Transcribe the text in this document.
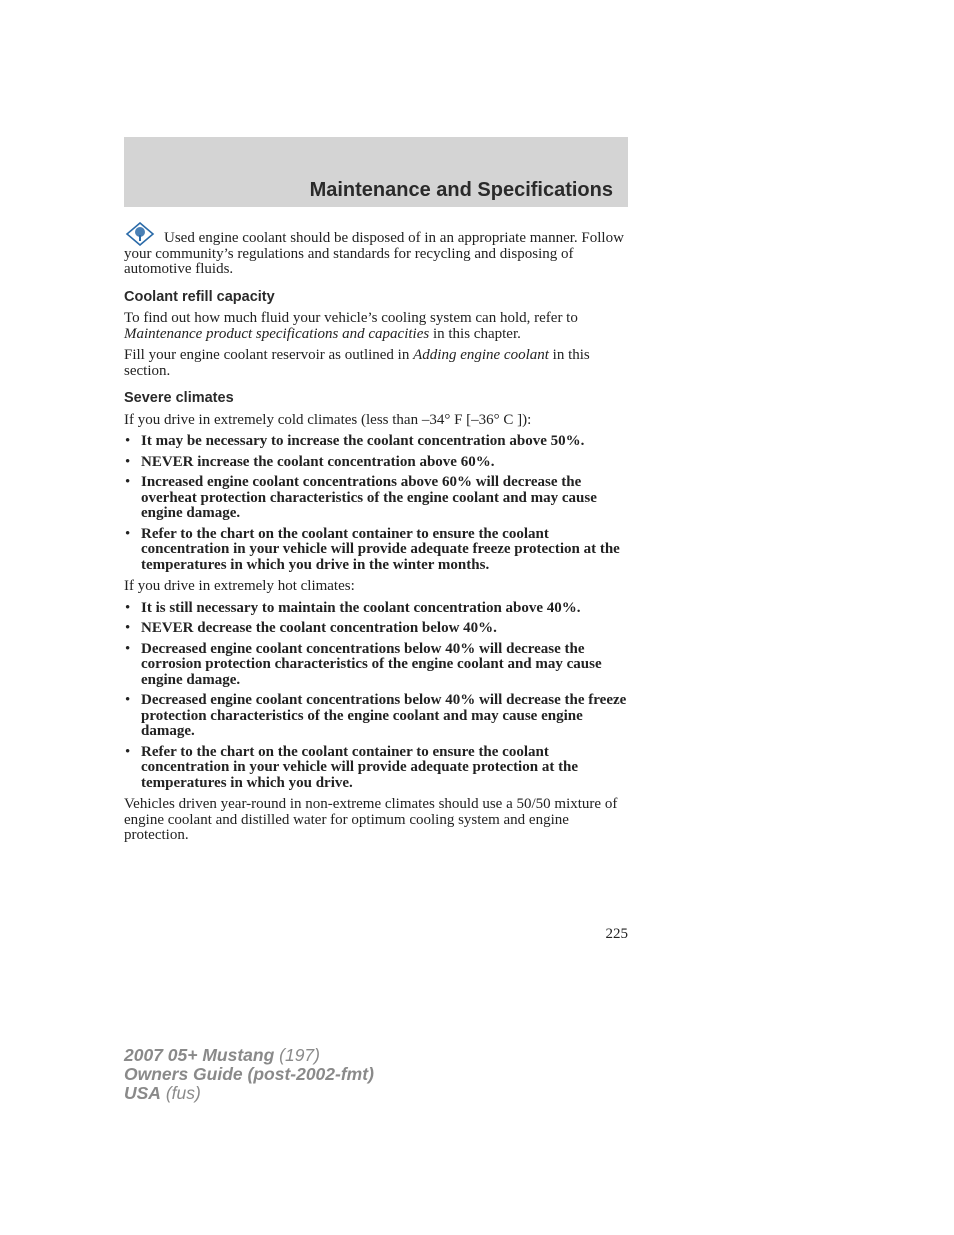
Maintenance and Specifications

Used engine coolant should be disposed of in an appropriate manner. Follow your community’s regulations and standards for recycling and disposing of automotive fluids.

Coolant refill capacity

To find out how much fluid your vehicle’s cooling system can hold, refer to Maintenance product specifications and capacities in this chapter.

Fill your engine coolant reservoir as outlined in Adding engine coolant in this section.

Severe climates

If you drive in extremely cold climates (less than –34° F [–36° C ]):

• It may be necessary to increase the coolant concentration above 50%.
• NEVER increase the coolant concentration above 60%.
• Increased engine coolant concentrations above 60% will decrease the overheat protection characteristics of the engine coolant and may cause engine damage.
• Refer to the chart on the coolant container to ensure the coolant concentration in your vehicle will provide adequate freeze protection at the temperatures in which you drive in the winter months.

If you drive in extremely hot climates:

• It is still necessary to maintain the coolant concentration above 40%.
• NEVER decrease the coolant concentration below 40%.
• Decreased engine coolant concentrations below 40% will decrease the corrosion protection characteristics of the engine coolant and may cause engine damage.
• Decreased engine coolant concentrations below 40% will decrease the freeze protection characteristics of the engine coolant and may cause engine damage.
• Refer to the chart on the coolant container to ensure the coolant concentration in your vehicle will provide adequate protection at the temperatures in which you drive.

Vehicles driven year-round in non-extreme climates should use a 50/50 mixture of engine coolant and distilled water for optimum cooling system and engine protection.

225
2007 05+ Mustang (197)
Owners Guide (post-2002-fmt)
USA (fus)
